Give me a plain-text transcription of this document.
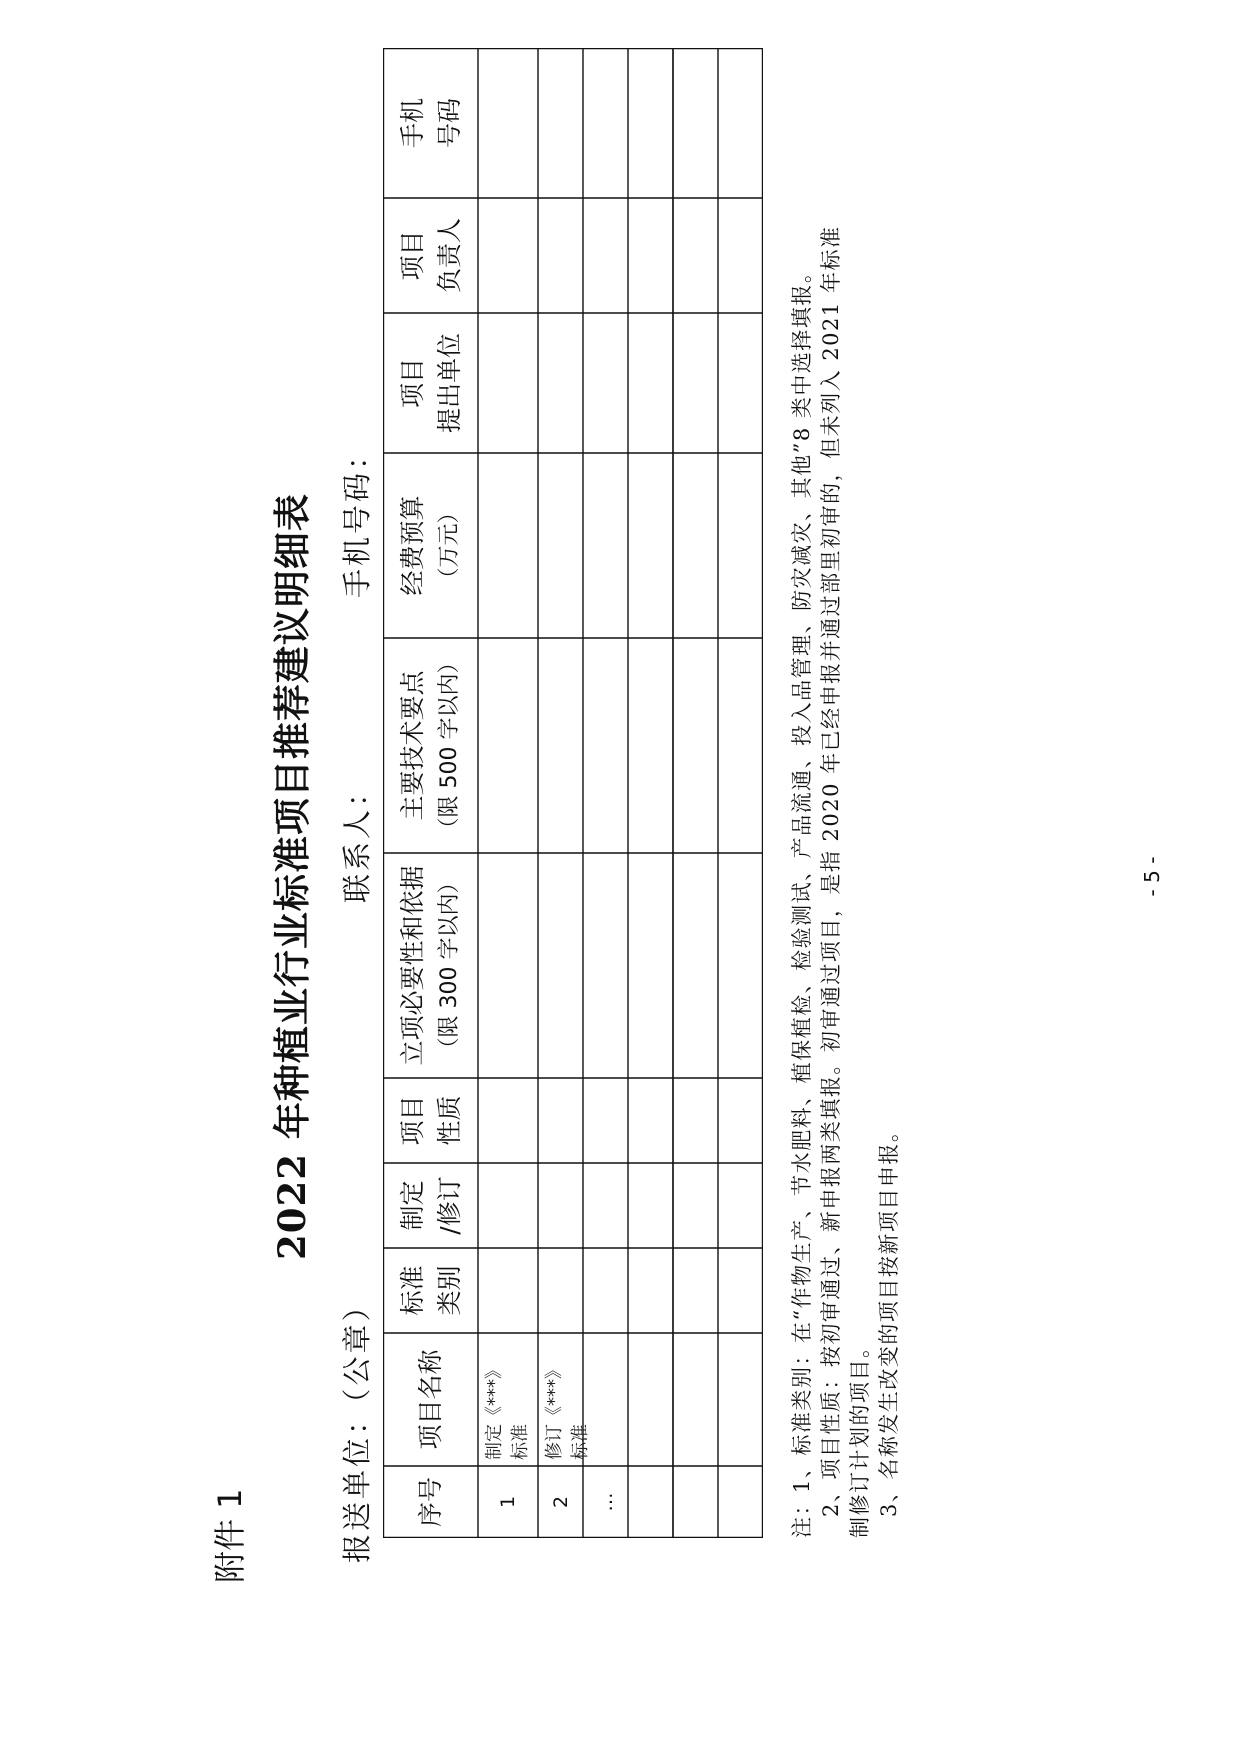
附件 1
2022 年种植业行业标准项目推荐建议明细表
报送单位：（公章）
联系人：
手机号码：
序号
项目名称
标准 类别
制定 /修订
项目 性质
立项必要性和依据 （限 300 字以内）
主要技术要点 （限 500 字以内）
经费预算 （万元）
项目 提出单位
项目 负责人
手机 号码
1
制定《***》 标准
2
修订《***》 标准
…	注：1、标准类别：在“作物生产、节水肥料、植保植检、检验测试、产品流通、投入品管理、防灾减灾、其他”8 类中选择填报。 2、项目性质：按初审通过、新申报两类填报。初审通过项目，是指 2020 年已经申报并通过部里初审的，但未列入 2021 年标准 制修订计划的项目。 3、名称发生改变的项目按新项目申报。
- 5 -
